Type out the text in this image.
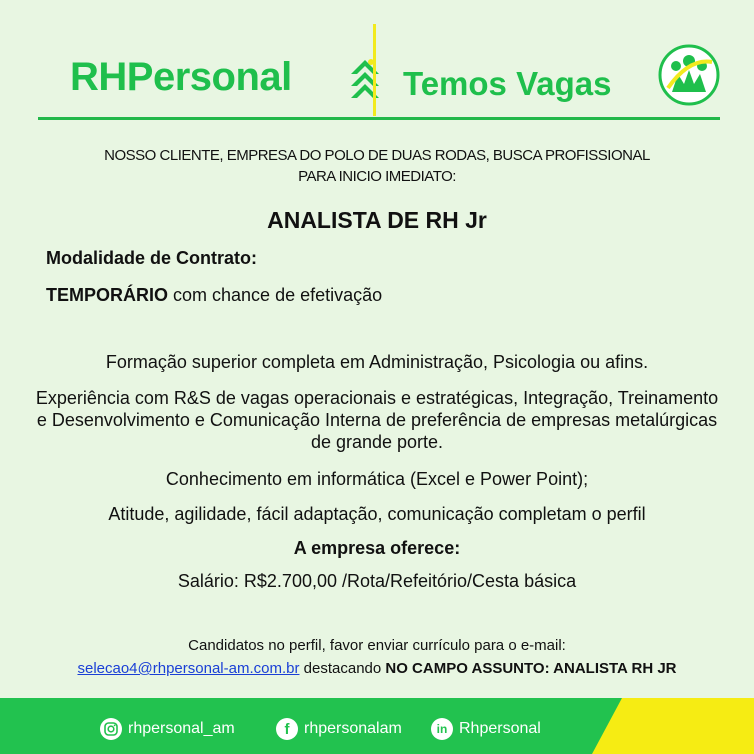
RHPersonal	Temos Vagas
NOSSO CLIENTE, EMPRESA DO POLO DE DUAS RODAS, BUSCA PROFISSIONAL
PARA INICIO IMEDIATO:
ANALISTA DE RH Jr
Modalidade de Contrato:
TEMPORÁRIO com chance de efetivação
Formação superior completa em Administração, Psicologia ou afins.
Experiência com R&S de vagas operacionais e estratégicas, Integração, Treinamento e Desenvolvimento e Comunicação Interna de preferência de empresas metalúrgicas de grande porte.
Conhecimento em informática (Excel e Power Point);
Atitude, agilidade, fácil adaptação, comunicação completam o perfil
A empresa oferece:
Salário: R$2.700,00 /Rota/Refeitório/Cesta básica
Candidatos no perfil, favor enviar currículo para o e-mail:
selecao4@rhpersonal-am.com.br destacando NO CAMPO ASSUNTO: ANALISTA RH JR
rhpersonal_am	f rhpersonalam	in Rhpersonal
